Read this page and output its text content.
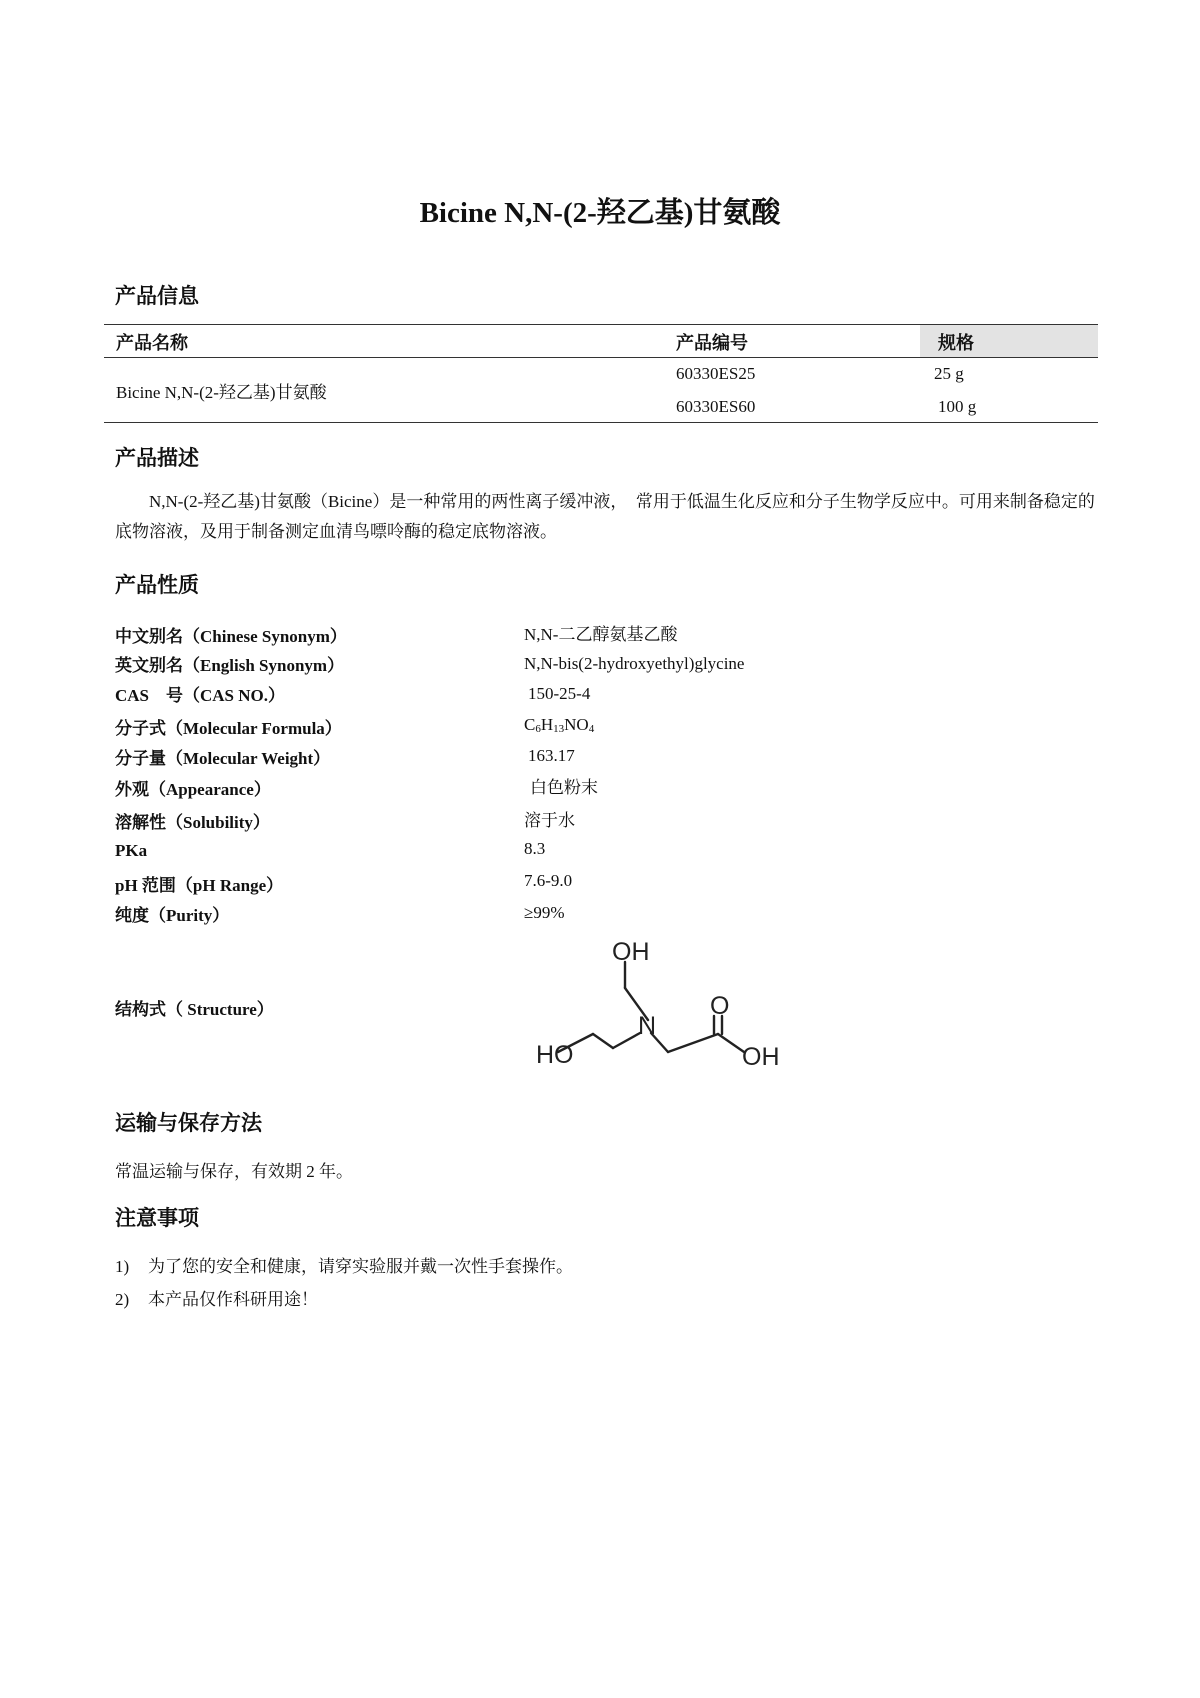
Bicine N,N-(2-羟乙基)甘氨酸
产品信息
产品名称	产品编号	规格
Bicine N,N-(2-羟乙基)甘氨酸
60330ES25	25 g
60330ES60	100 g
产品描述

N,N-(2-羟乙基)甘氨酸（Bicine）是一种常用的两性离子缓冲液，　常用于低温生化反应和分子生物学反应中。可用来制备稳定的底物溶液，及用于制备测定血清鸟嘌呤酶的稳定底物溶液。

产品性质
中文别名（Chinese Synonym）	N,N-二乙醇氨基乙酸
英文别名（English Synonym）	N,N-bis(2-hydroxyethyl)glycine
CAS　号（CAS NO.）	150-25-4
分子式（Molecular Formula）	$C_6H_{13}NO_4$
分子量（Molecular Weight）	163.17
外观（Appearance）	白色粉末
溶解性（Solubility）	溶于水
PKa	8.3
pH 范围（pH Range）	7.6-9.0
纯度（Purity）	≥99%
结构式（ Structure）
OH
HO
N
O
OH
运输与保存方法

常温运输与保存，有效期 2 年。

注意事项
1) 为了您的安全和健康，请穿实验服并戴一次性手套操作。
2) 本产品仅作科研用途！
